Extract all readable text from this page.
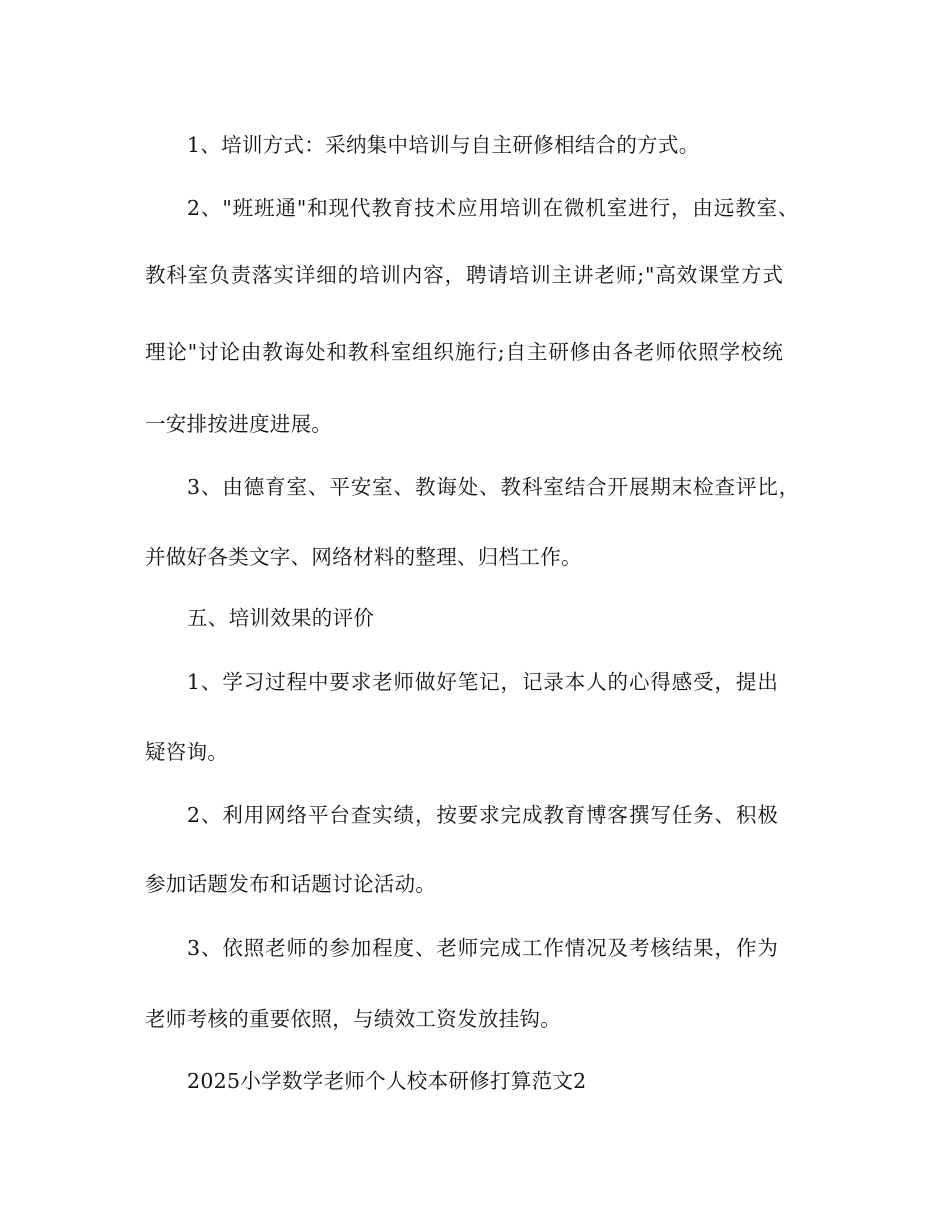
1、培训方式：采纳集中培训与自主研修相结合的方式。
2、"班班通"和现代教育技术应用培训在微机室进行，由远教室、
教科室负责落实详细的培训内容，聘请培训主讲老师;"高效课堂方式
理论"讨论由教诲处和教科室组织施行;自主研修由各老师依照学校统
一安排按进度进展。
3、由德育室、平安室、教诲处、教科室结合开展期末检查评比，
并做好各类文字、网络材料的整理、归档工作。
五、培训效果的评价
1、学习过程中要求老师做好笔记，记录本人的心得感受，提出
疑咨询。
2、利用网络平台查实绩，按要求完成教育博客撰写任务、积极
参加话题发布和话题讨论活动。
3、依照老师的参加程度、老师完成工作情况及考核结果，作为
老师考核的重要依照，与绩效工资发放挂钩。
2025小学数学老师个人校本研修打算范文2
